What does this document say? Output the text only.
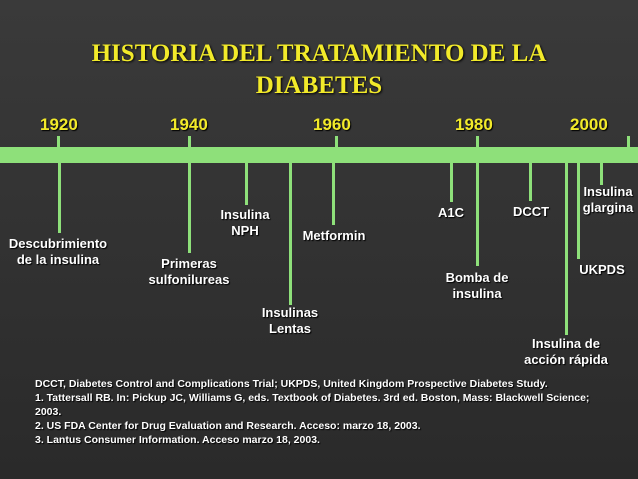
HISTORIA DEL TRATAMIENTO DE LA
DIABETES
1920	1940	1960	1980	2000
Descubrimiento
de la insulina	Primeras
sulfonilureas
Insulina
NPH
Insulinas
Lentas
Metformin
A1C
Bomba de
insulina
DCCT
Insulina de
acción rápida
UKPDS
Insulina
glargina
DCCT, Diabetes Control and Complications Trial; UKPDS, United Kingdom Prospective Diabetes Study.
1. Tattersall RB. In: Pickup JC, Williams G, eds. Textbook of Diabetes. 3rd ed. Boston, Mass: Blackwell Science;
2003.
2. US FDA Center for Drug Evaluation and Research. Acceso: marzo 18, 2003.
3. Lantus Consumer Information. Acceso marzo 18, 2003.
